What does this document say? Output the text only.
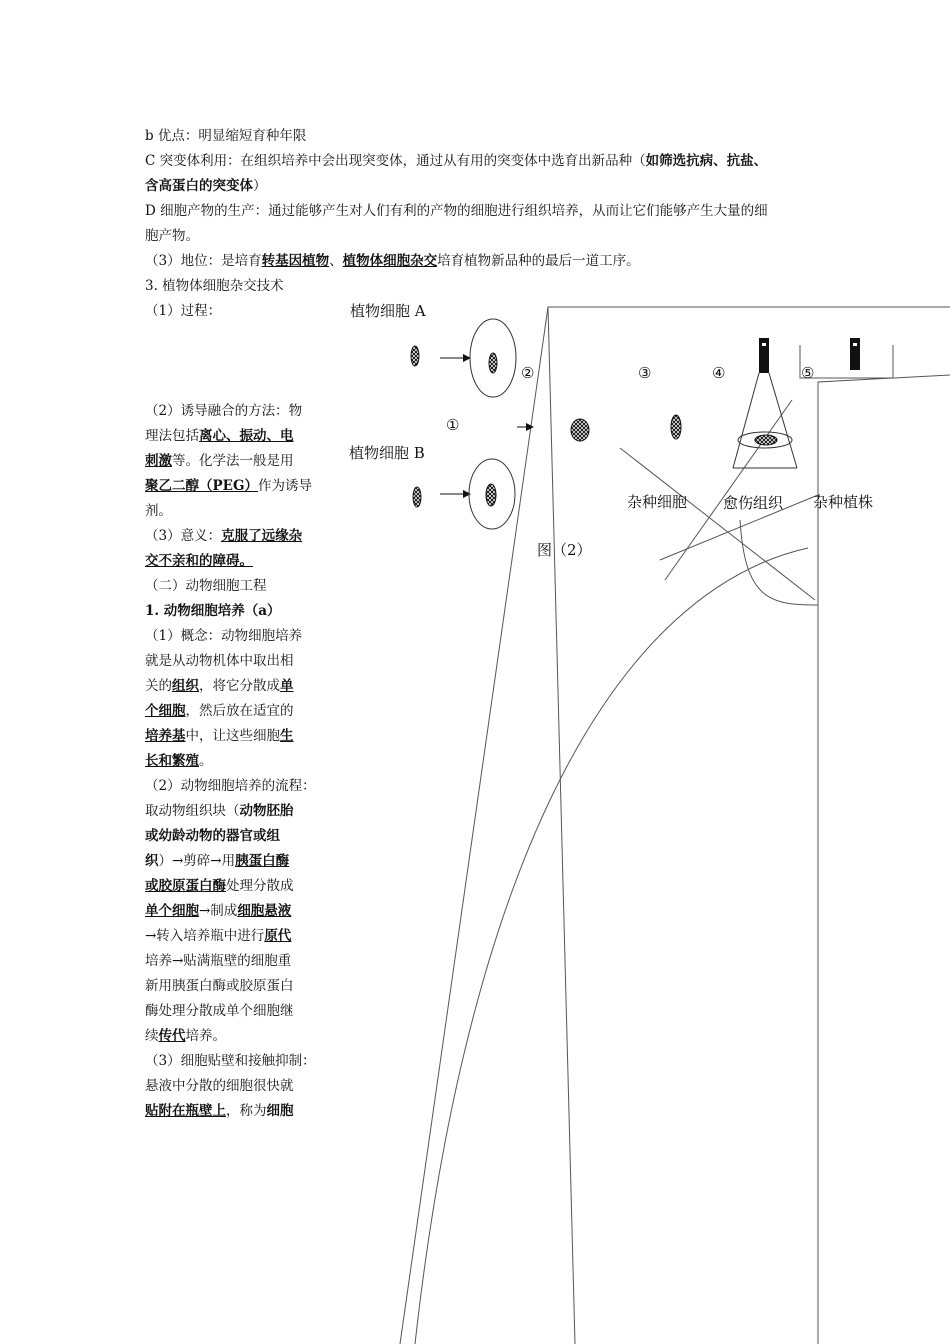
b 优点：明显缩短育种年限
C 突变体利用：在组织培养中会出现突变体，通过从有用的突变体中选育出新品种（如筛选抗病、抗盐、
含高蛋白的突变体）
D 细胞产物的生产：通过能够产生对人们有利的产物的细胞进行组织培养，从而让它们能够产生大量的细
胞产物。
（3）地位：是培育转基因植物、植物体细胞杂交培育植物新品种的最后一道工序。
3. 植物体细胞杂交技术
（1）过程：
（2）诱导融合的方法：物
理法包括离心、振动、电
刺激等。化学法一般是用
聚乙二醇（PEG）作为诱导
剂。
（3）意义：克服了远缘杂
交不亲和的障碍。
（二）动物细胞工程
1. 动物细胞培养（a）
（1）概念：动物细胞培养
就是从动物机体中取出相
关的组织，将它分散成单
个细胞，然后放在适宜的
培养基中，让这些细胞生
长和繁殖。
（2）动物细胞培养的流程：
取动物组织块（动物胚胎
或幼龄动物的器官或组
织）→剪碎→用胰蛋白酶
或胶原蛋白酶处理分散成
单个细胞→制成细胞悬液
→转入培养瓶中进行原代
培养→贴满瓶壁的细胞重
新用胰蛋白酶或胶原蛋白
酶处理分散成单个细胞继
续传代培养。
（3）细胞贴壁和接触抑制：
悬液中分散的细胞很快就
贴附在瓶壁上，称为细胞
植物细胞 A
植物细胞 B
①
②	③	④	⑤
杂种细胞 愈伤组织 杂种植株
图（2）
